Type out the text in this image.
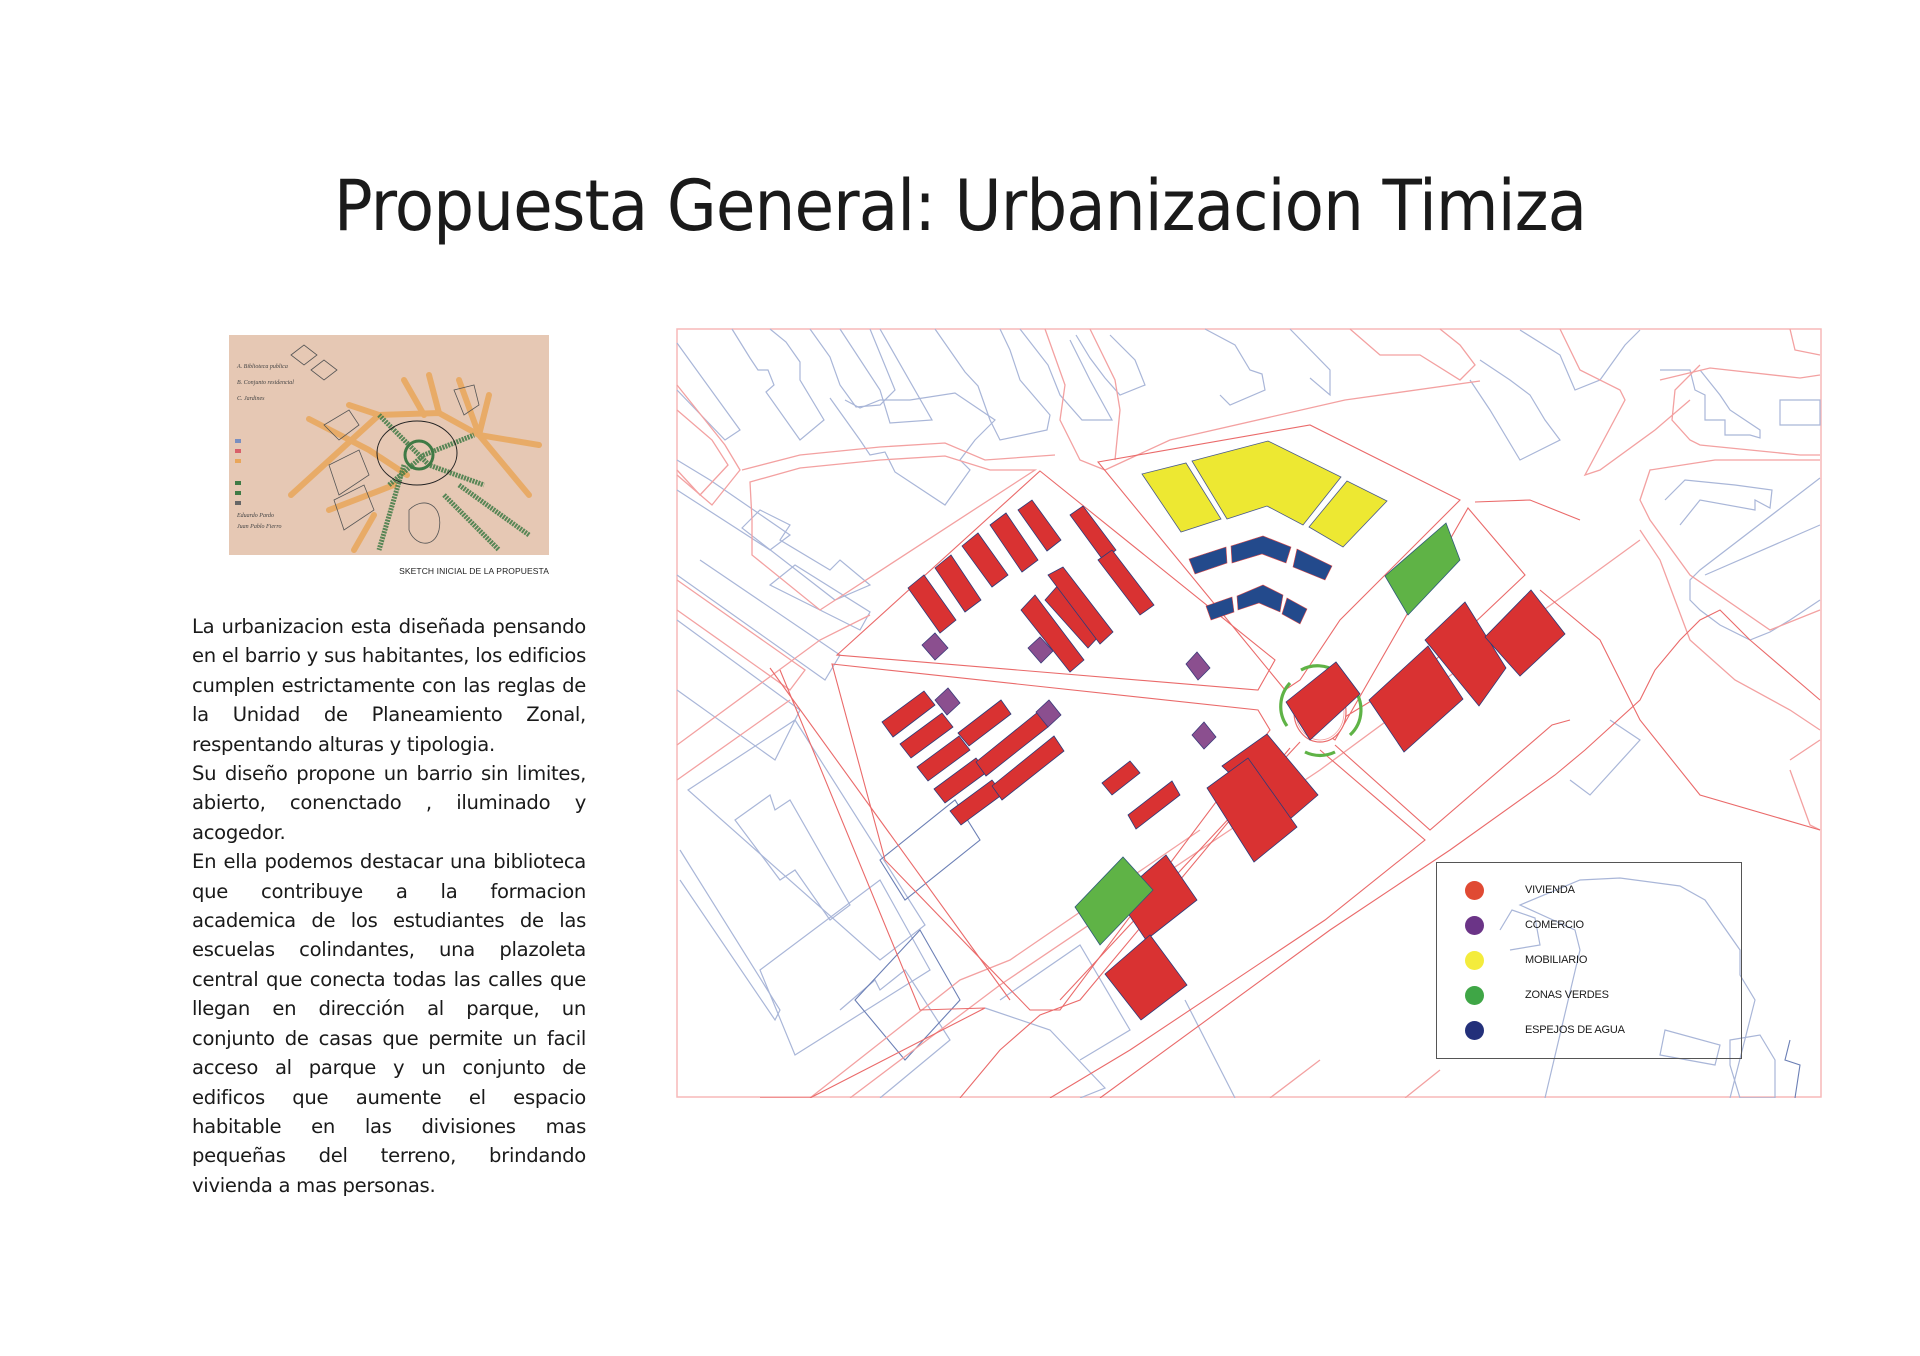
Propuesta General: Urbanizacion Timiza
A. Biblioteca publica
B. Conjunto residencial
C. Jardines
Eduardo Pardo
Juan Pablo Fierro
SKETCH INICIAL DE LA PROPUESTA

La urbanizacion esta diseñada pensando en el barrio y sus habitantes, los edificios cumplen estrictamente con las reglas de la Unidad de Planeamiento Zonal, respentando alturas y tipologia.

Su diseño propone un barrio sin limites, abierto, conenctado , iluminado y acogedor.

En ella podemos destacar una biblioteca que contribuye a la formacion academica de los estudiantes de las escuelas colindantes, una plazoleta central que conecta todas las calles que llegan en dirección al parque, un conjunto de casas que permite un facil acceso al parque y un conjunto de edificos que aumente el espacio habitable en las divisiones mas pequeñas del terreno, brindando vivienda a mas personas.

VIVIENDA
COMERCIO
MOBILIARIO
ZONAS VERDES
ESPEJOS DE AGUA
